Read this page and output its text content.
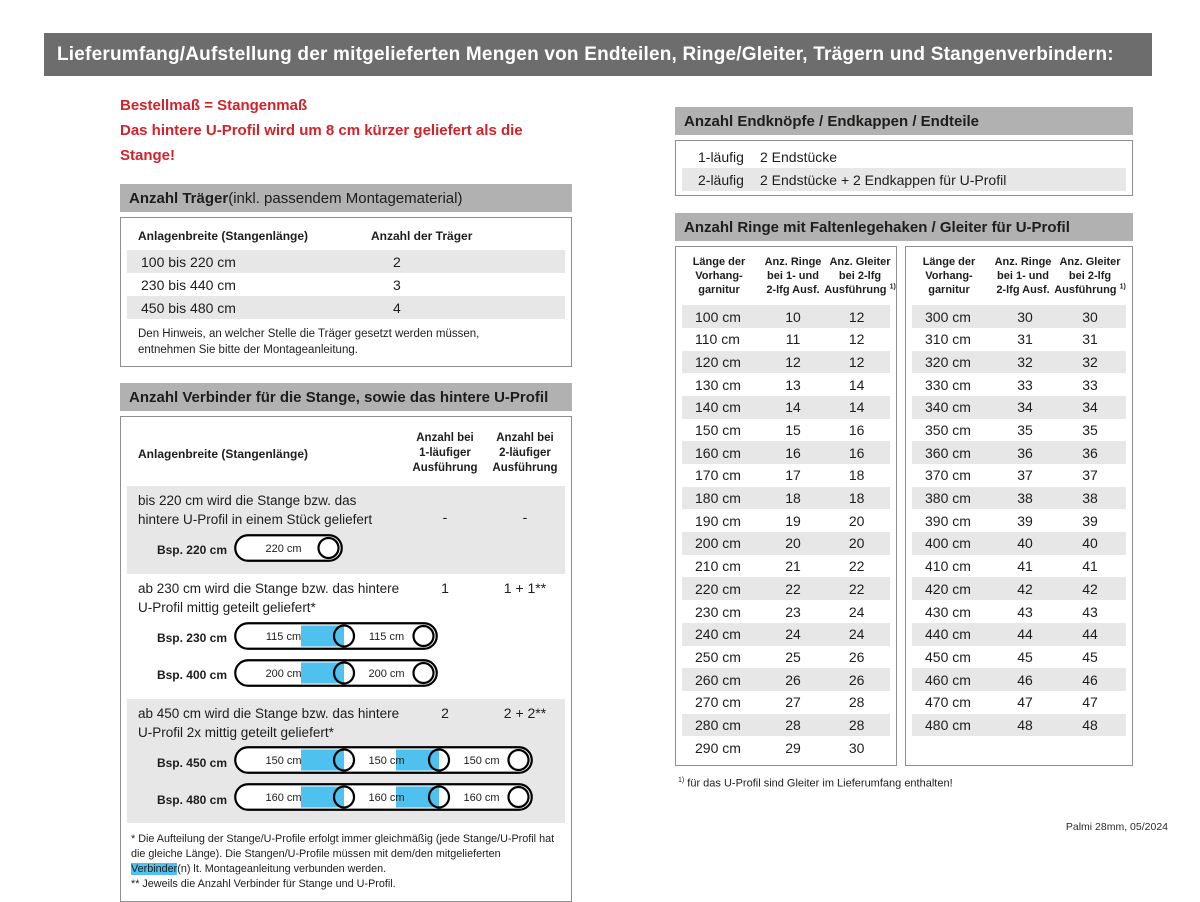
Lieferumfang/Aufstellung der mitgelieferten Mengen von Endteilen, Ringe/Gleiter, Trägern und Stangenverbindern:
Bestellmaß = Stangenmaß
Das hintere U-Profil wird um 8 cm kürzer geliefert als die Stange!
Anzahl Träger (inkl. passendem Montagematerial)
Anlagenbreite (Stangenlänge)	Anzahl der Träger
100 bis 220 cm	2
230 bis 440 cm	3
450 bis 480 cm	4
Den Hinweis, an welcher Stelle die Träger gesetzt werden müssen, entnehmen Sie bitte der Montageanleitung.
Anzahl Verbinder für die Stange, sowie das hintere U-Profil
Anlagenbreite (Stangenlänge)
Anzahl bei
1-läufiger
Ausführung
Anzahl bei
2-läufiger
Ausführung
bis 220 cm wird die Stange bzw. das hintere U-Profil in einem Stück geliefert	-	-
Bsp. 220 cm	220 cm
ab 230 cm wird die Stange bzw. das hintere U-Profil mittig geteilt geliefert*
1	1 + 1**
Bsp. 230 cm	115 cm	115 cm
Bsp. 400 cm	200 cm	200 cm
ab 450 cm wird die Stange bzw. das hintere U-Profil 2x mittig geteilt geliefert*
2	2 + 2**
Bsp. 450 cm	150 cm	150 cm	150 cm
Bsp. 480 cm	160 cm	160 cm	160 cm
* Die Aufteilung der Stange/U-Profile erfolgt immer gleichmäßig (jede Stange/U-Profil hat die gleiche Länge). Die Stangen/U-Profile müssen mit dem/den mitgelieferten Verbinder(n) lt. Montageanleitung verbunden werden.
** Jeweils die Anzahl Verbinder für Stange und U-Profil.
Anzahl Endknöpfe / Endkappen / Endteile
1-läufig	2 Endstücke
2-läufig	2 Endstücke + 2 Endkappen für U-Profil
Anzahl Ringe mit Faltenlegehaken / Gleiter für U-Profil
Länge der
Vorhang-
garnitur
Anz. Ringe
bei 1- und
2-lfg Ausf.
Anz. Gleiter
bei 2-lfg
Ausführung $^{1)}$
100 cm	10	12
110 cm	11	12
120 cm	12	12
130 cm	13	14
140 cm	14	14
150 cm	15	16
160 cm	16	16
170 cm	17	18
180 cm	18	18
190 cm	19	20
200 cm	20	20
210 cm	21	22
220 cm	22	22
230 cm	23	24
240 cm	24	24
250 cm	25	26
260 cm	26	26
270 cm	27	28
280 cm	28	28
290 cm	29	30
Länge der
Vorhang-
garnitur
Anz. Ringe
bei 1- und
2-lfg Ausf.
Anz. Gleiter
bei 2-lfg
Ausführung $^{1)}$
300 cm	30	30
310 cm	31	31
320 cm	32	32
330 cm	33	33
340 cm	34	34
350 cm	35	35
360 cm	36	36
370 cm	37	37
380 cm	38	38
390 cm	39	39
400 cm	40	40
410 cm	41	41
420 cm	42	42
430 cm	43	43
440 cm	44	44
450 cm	45	45
460 cm	46	46
470 cm	47	47
480 cm	48	48
$^{1)}$ für das U-Profil sind Gleiter im Lieferumfang enthalten!
Palmi 28mm, 05/2024
